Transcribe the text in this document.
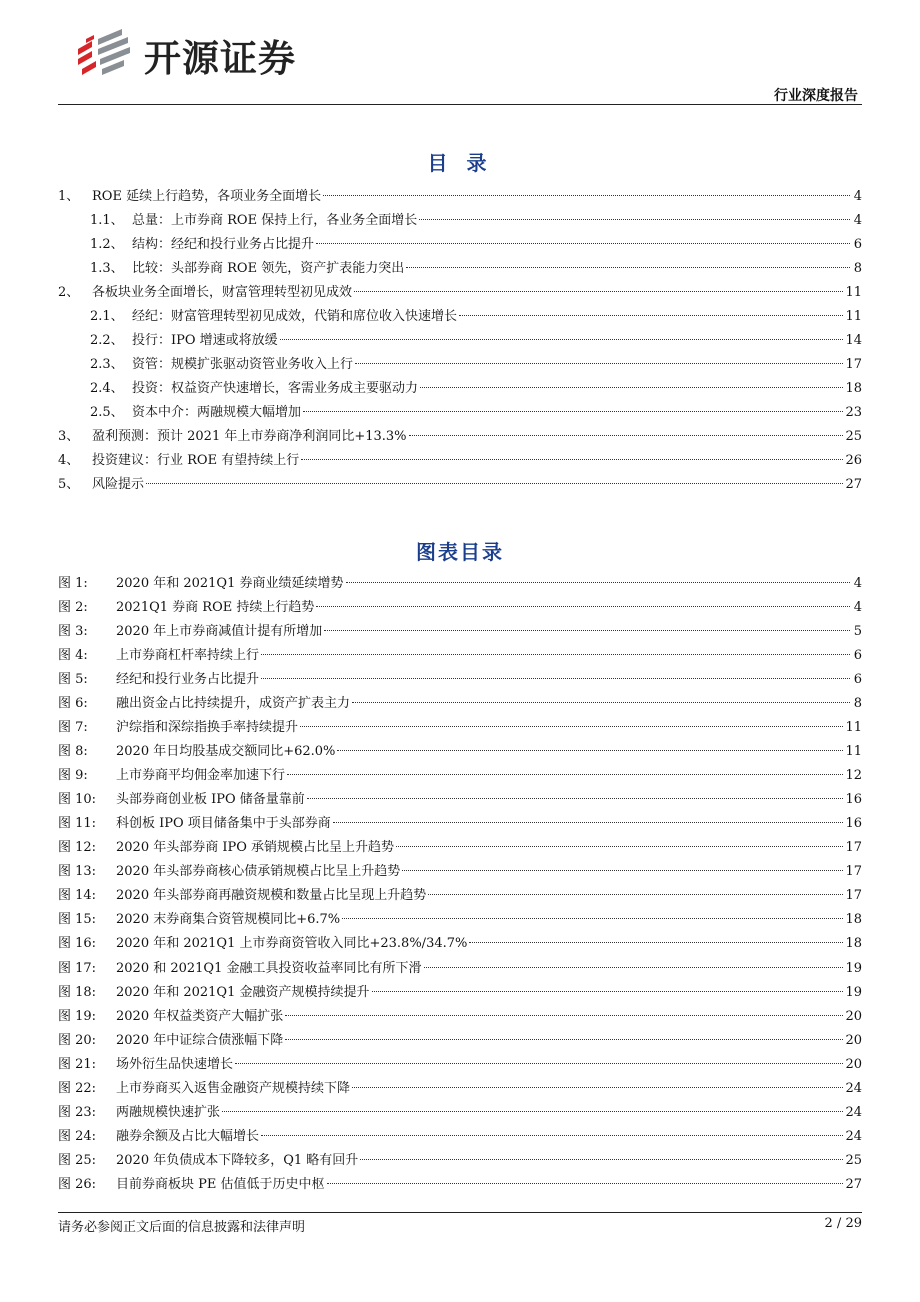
开源证券
行业深度报告
目 录
1、 ROE 延续上行趋势，各项业务全面增长	4
1.1、 总量：上市券商 ROE 保持上行，各业务全面增长	4
1.2、 结构：经纪和投行业务占比提升	6
1.3、 比较：头部券商 ROE 领先，资产扩表能力突出	8
2、 各板块业务全面增长，财富管理转型初见成效	11
2.1、 经纪：财富管理转型初见成效，代销和席位收入快速增长	11
2.2、 投行：IPO 增速或将放缓	14
2.3、 资管：规模扩张驱动资管业务收入上行	17
2.4、 投资：权益资产快速增长，客需业务成主要驱动力	18
2.5、 资本中介：两融规模大幅增加	23
3、 盈利预测：预计 2021 年上市券商净利润同比+13.3%	25
4、 投资建议：行业 ROE 有望持续上行	26
5、 风险提示	27
图表目录
图 1:	2020 年和 2021Q1 券商业绩延续增势	4
图 2:	2021Q1 券商 ROE 持续上行趋势	4
图 3:	2020 年上市券商减值计提有所增加	5
图 4:	上市券商杠杆率持续上行	6
图 5:	经纪和投行业务占比提升	6
图 6:	融出资金占比持续提升，成资产扩表主力	8
图 7:	沪综指和深综指换手率持续提升	11
图 8:	2020 年日均股基成交额同比+62.0%	11
图 9:	上市券商平均佣金率加速下行	12
图 10:	头部券商创业板 IPO 储备量靠前	16
图 11:	科创板 IPO 项目储备集中于头部券商	16
图 12:	2020 年头部券商 IPO 承销规模占比呈上升趋势	17
图 13:	2020 年头部券商核心债承销规模占比呈上升趋势	17
图 14:	2020 年头部券商再融资规模和数量占比呈现上升趋势	17
图 15:	2020 末券商集合资管规模同比+6.7%	18
图 16:	2020 年和 2021Q1 上市券商资管收入同比+23.8%/34.7%	18
图 17:	2020 和 2021Q1 金融工具投资收益率同比有所下滑	19
图 18:	2020 年和 2021Q1 金融资产规模持续提升	19
图 19:	2020 年权益类资产大幅扩张	20
图 20:	2020 年中证综合债涨幅下降	20
图 21:	场外衍生品快速增长	20
图 22:	上市券商买入返售金融资产规模持续下降	24
图 23:	两融规模快速扩张	24
图 24:	融券余额及占比大幅增长	24
图 25:	2020 年负债成本下降较多，Q1 略有回升	25
图 26:	目前券商板块 PE 估值低于历史中枢	27
请务必参阅正文后面的信息披露和法律声明	2 / 29
